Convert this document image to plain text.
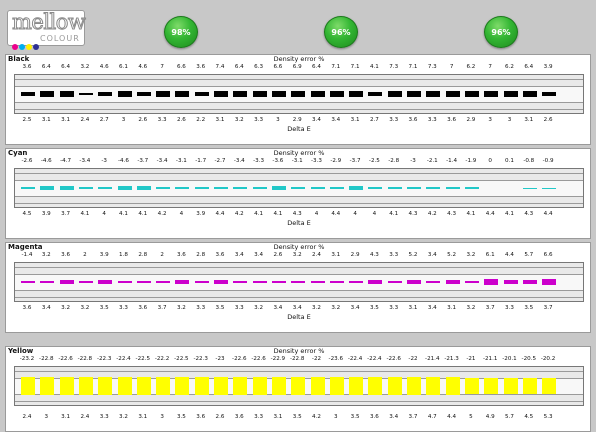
mellow
COLOUR
98%	96%	96%
Black	Density error %
3.6	6.4	6.4	3.2	4.6	6.1	4.6	7	6.6	3.6	7.4	6.4	6.3	6.6	6.9	6.4	7.1	7.1	4.1	7.3	7.1	7.3	7	6.2	7	6.2	6.4	3.9
2.5	3.1	3.1	2.4	2.7	3	2.6	3.3	2.6	2.2	3.1	3.2	3.3	3	2.9	3.4	3.4	3.1	2.7	3.3	3.6	3.3	3.6	2.9	3	3	3.1	2.6
Delta E
Cyan	Density error %
-2.6	-4.6	-4.7	-3.4	-3	-4.6	-3.7	-3.4	-3.1	-1.7	-2.7	-3.4	-3.3	-3.6	-3.1	-3.3	-2.9	-3.7	-2.5	-2.8	-3	-2.1	-1.4	-1.9	0	0.1	-0.8	-0.9
4.5	3.9	3.7	4.1	4	4.1	4.1	4.2	4	3.9	4.4	4.2	4.1	4.1	4.3	4	4.4	4	4	4.1	4.3	4.2	4.3	4.1	4.4	4.1	4.3	4.4
Delta E
Magenta	Density error %
-1.4	3.2	3.6	2	3.9	1.8	2.8	2	3.6	2.8	3.6	3.4	3.4	2.6	3.2	2.4	3.1	2.9	4.3	3.3	5.2	3.4	5.2	3.2	6.1	4.4	5.7	6.6
3.6	3.4	3.2	3.2	3.5	3.3	3.6	3.7	3.2	3.3	3.5	3.3	3.2	3.4	3.4	3.2	3.2	3.4	3.5	3.3	3.1	3.4	3.1	3.2	3.7	3.3	3.5	3.7
Delta E
Yellow	Density error %
-23.2 -22.8 -22.6 -22.8 -22.3 -22.4 -22.5 -22.2 -22.5 -22.3	-23	-22.6 -22.6 -22.9 -22.8	-22	-23.6 -22.4 -22.4 -22.6	-22	-21.4 -21.3	-21	-21.1 -20.1 -20.5 -20.2
2.4	3	3.1	2.4	3.3	3.2	3.1	3	3.5	3.6	2.6	3.6	3.3	3.1	3.5	4.2	3	3.5	3.6	3.4	3.7	4.7	4.4	5	4.9	5.7	4.5	5.3
